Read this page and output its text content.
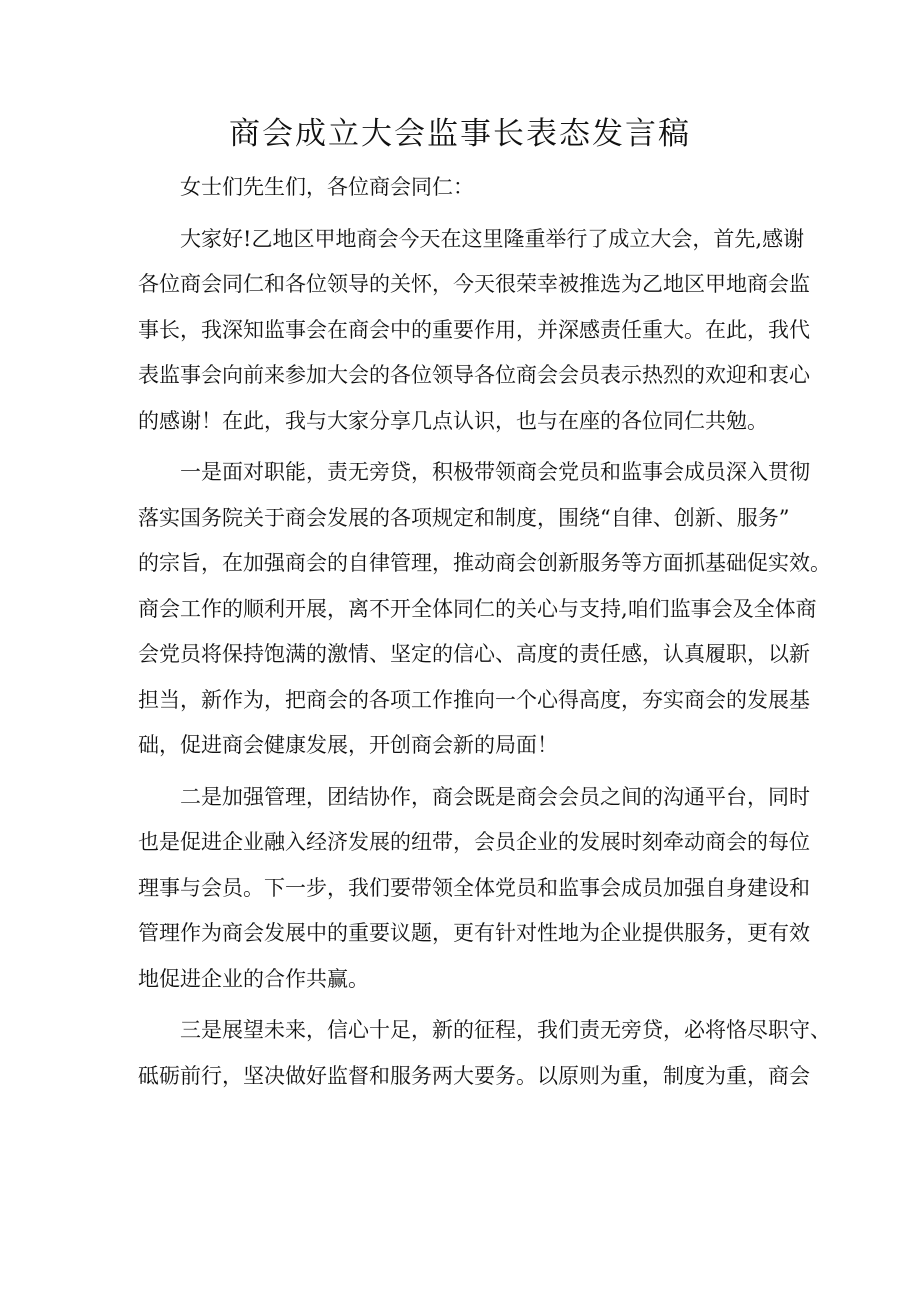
商会成立大会监事长表态发言稿

女士们先生们，各位商会同仁：

大家好!乙地区甲地商会今天在这里隆重举行了成立大会，首先,感谢
各位商会同仁和各位领导的关怀，今天很荣幸被推选为乙地区甲地商会监
事长，我深知监事会在商会中的重要作用，并深感责任重大。在此，我代
表监事会向前来参加大会的各位领导各位商会会员表示热烈的欢迎和衷心
的感谢！在此，我与大家分享几点认识，也与在座的各位同仁共勉。

一是面对职能，责无旁贷，积极带领商会党员和监事会成员深入贯彻
落实国务院关于商会发展的各项规定和制度，围绕“自律、创新、服务”
的宗旨，在加强商会的自律管理，推动商会创新服务等方面抓基础促实效。
商会工作的顺利开展，离不开全体同仁的关心与支持,咱们监事会及全体商
会党员将保持饱满的激情、坚定的信心、高度的责任感，认真履职，以新
担当，新作为，把商会的各项工作推向一个心得高度，夯实商会的发展基
础，促进商会健康发展，开创商会新的局面！

二是加强管理，团结协作，商会既是商会会员之间的沟通平台，同时
也是促进企业融入经济发展的纽带，会员企业的发展时刻牵动商会的每位
理事与会员。下一步，我们要带领全体党员和监事会成员加强自身建设和
管理作为商会发展中的重要议题，更有针对性地为企业提供服务，更有效
地促进企业的合作共赢。

三是展望未来，信心十足，新的征程，我们责无旁贷，必将恪尽职守、
砥砺前行，坚决做好监督和服务两大要务。以原则为重，制度为重，商会
